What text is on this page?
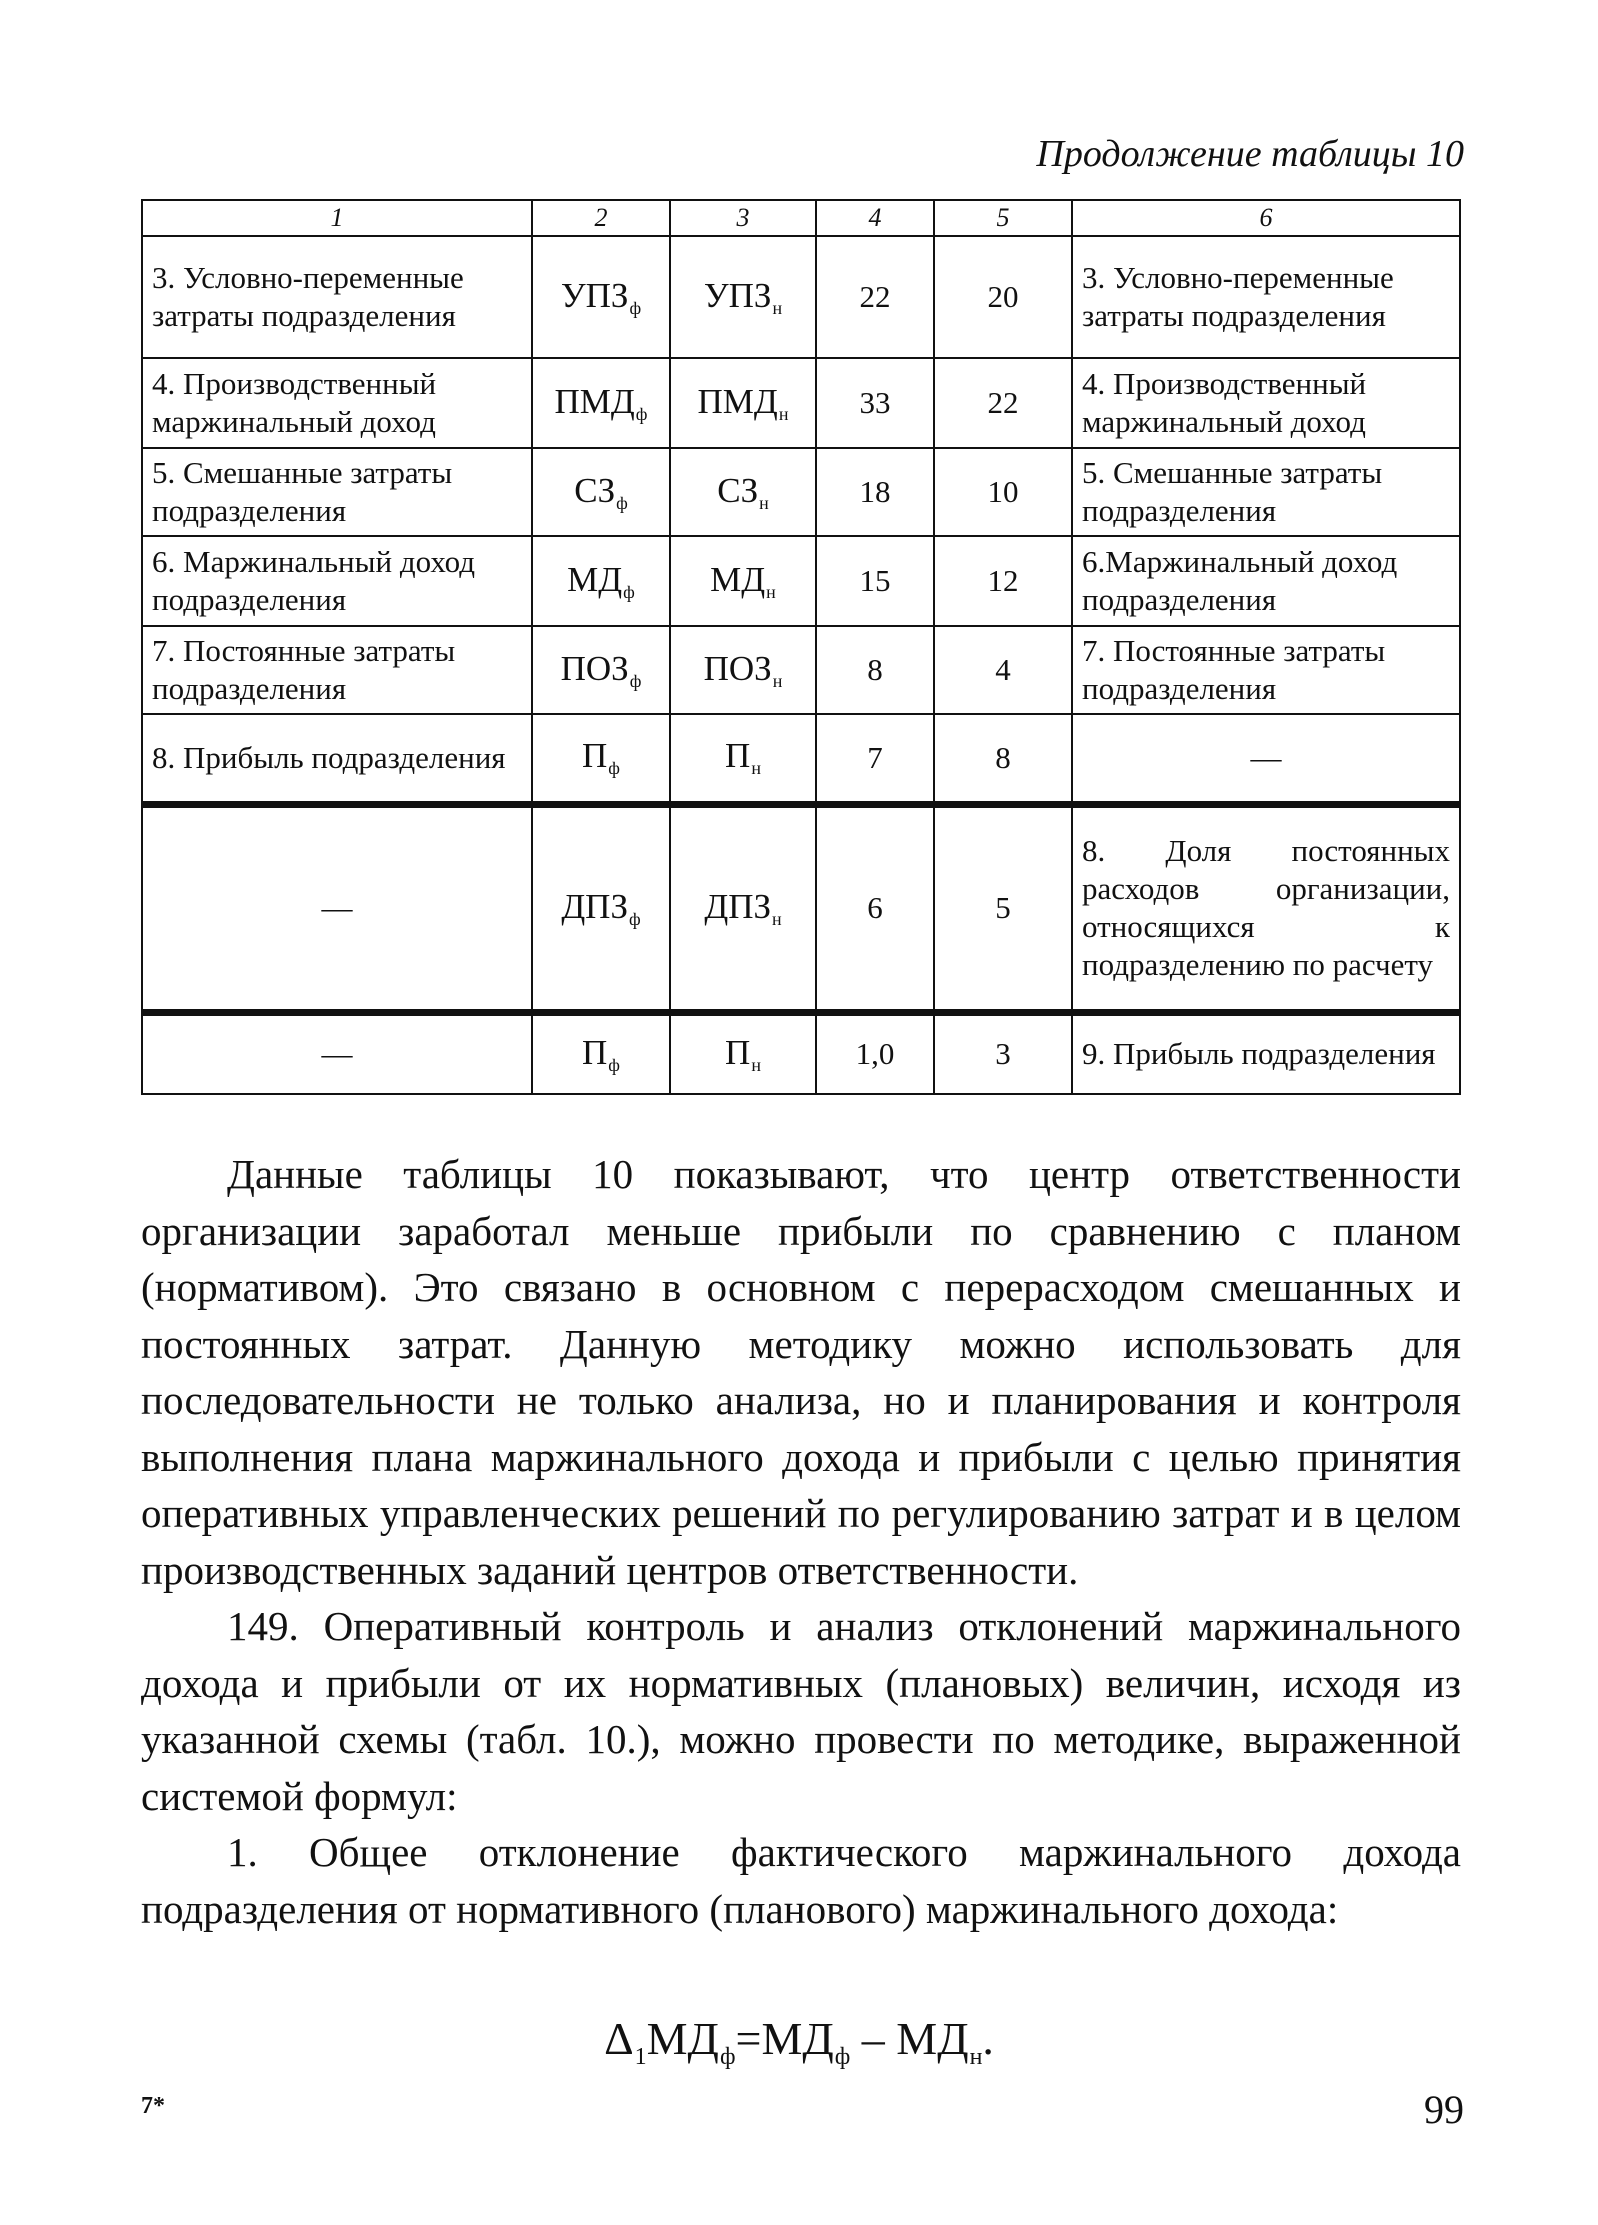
Продолжение таблицы 10
1	2	3	4	5	6
3. Условно-переменные затраты подразделения	$УПЗ_ф$	$УПЗ_н$	22	20	3. Условно-переменные затраты подразделения
4. Производственный маржинальный доход	$ПМД_ф$	$ПМД_н$	33	22	4. Производственный маржинальный доход
5. Смешанные затраты подразделения	$СЗ_ф$	$СЗ_н$	18	10	5. Смешанные затраты подразделения
6. Маржинальный доход подразделения	$МД_ф$	$МД_н$	15	12	6.Маржинальный доход подразделения
7. Постоянные затраты подразделения	$ПОЗ_ф$	$ПОЗ_н$	8	4	7. Постоянные затраты подразделения
8. Прибыль подразделения	$П_ф$	$П_н$	7	8	—
—	$ДПЗ_ф$	$ДПЗ_н$	6	5	8. Доля постоянных расходов организации, относящихся к подразделению по расчету
—	$П_ф$	$П_н$	1,0	3	9. Прибыль подразделения

Данные таблицы 10 показывают, что центр ответственности организации заработал меньше прибыли по сравнению с планом (нормативом). Это связано в основном с перерасходом смешанных и постоянных затрат. Данную методику можно использовать для последовательности не только анализа, но и планирования и контроля выполнения плана маржинального дохода и прибыли с целью принятия оперативных управленческих решений по регулированию затрат и в целом производственных заданий центров ответственности.

149. Оперативный контроль и анализ отклонений маржинального дохода и прибыли от их нормативных (плановых) величин, исходя из указанной схемы (табл. 10.), можно провести по методике, выраженной системой формул:

1. Общее отклонение фактического маржинального дохода подразделения от нормативного (планового) маржинального дохода:

$\Delta_1МД_ф=МД_ф - МД_н$.
7*	99
